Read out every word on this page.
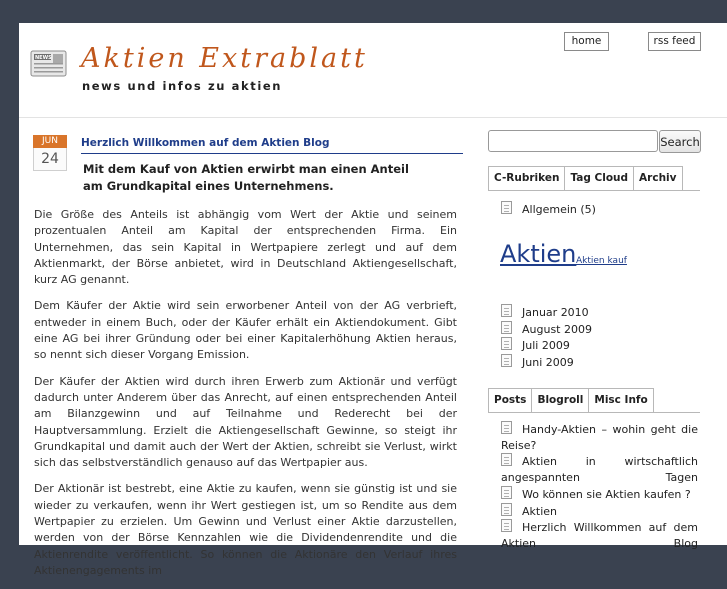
NEWS Aktien Extrablatt
news und infos zu aktien
home	rss feed
JUN
24
Herzlich Willkommen auf dem Aktien Blog
Mit dem Kauf von Aktien erwirbt man einen Anteil am Grundkapital eines Unternehmens.

Die Größe des Anteils ist abhängig vom Wert der Aktie und seinem prozentualen Anteil am Kapital der entsprechenden Firma. Ein Unternehmen, das sein Kapital in Wertpapiere zerlegt und auf dem Aktienmarkt, der Börse anbietet, wird in Deutschland Aktiengesellschaft, kurz AG genannt.

Dem Käufer der Aktie wird sein erworbener Anteil von der AG verbrieft, entweder in einem Buch, oder der Käufer erhält ein Aktiendokument. Gibt eine AG bei ihrer Gründung oder bei einer Kapitalerhöhung Aktien heraus, so nennt sich dieser Vorgang Emission.

Der Käufer der Aktien wird durch ihren Erwerb zum Aktionär und verfügt dadurch unter Anderem über das Anrecht, auf einen entsprechenden Anteil am Bilanzgewinn und auf Teilnahme und Rederecht bei der Hauptversammlung. Erzielt die Aktiengesellschaft Gewinne, so steigt ihr Grundkapital und damit auch der Wert der Aktien, schreibt sie Verlust, wirkt sich das selbstverständlich genauso auf das Wertpapier aus.

Der Aktionär ist bestrebt, eine Aktie zu kaufen, wenn sie günstig ist und sie wieder zu verkaufen, wenn ihr Wert gestiegen ist, um so Rendite aus dem Wertpapier zu erzielen. Um Gewinn und Verlust einer Aktie darzustellen, werden von der Börse Kennzahlen wie die Dividendenrendite und die Aktienrendite veröffentlicht. So können die Aktionäre den Verlauf ihres Aktienengagements im

Search
C-Rubriken	Tag Cloud	Archiv
Allgemein (5)
Aktien Aktien kauf
Januar 2010
August 2009
Juli 2009
Juni 2009
Posts	Blogroll	Misc Info
Handy-Aktien – wohin geht die Reise?
Aktien in wirtschaftlich angespannten Tagen
Wo können sie Aktien kaufen ?
Aktien
Herzlich Willkommen auf dem Aktien Blog
